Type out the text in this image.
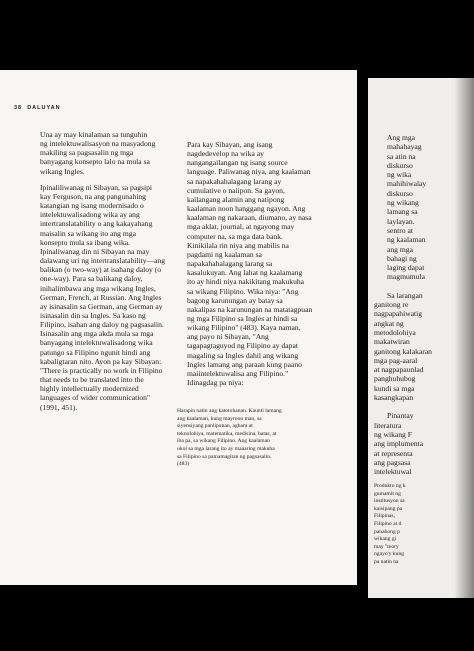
38 DALUYAN

Una ay may kinalaman sa tunguhin
ng intelektuwalisasyon na masyadong
makiling sa pagsasalin ng mga
banyagang konsepto lalo na mula sa
wikang Ingles.

Ipinaliliwanag ni Sibayan, sa pagsipi
kay Ferguson, na ang pangunahing
katangian ng isang modernisado o
intelektuwalisadong wika ay ang
intertranslatability o ang kakayahang
maisalin sa wikang ito ang mga
konsepto mula sa ibang wika.
Ipinaliwanag din ni Sibayan na may
dalawang uri ng intertranslatability—ang
balikan (o two-way) at isahang daloy (o
one-way). Para sa balikang daloy,
inihalimbawa ang mga wikang Ingles,
German, French, at Russian. Ang Ingles
ay isinasalin sa German, ang German ay
isinasalin din sa Ingles. Sa kaso ng
Filipino, isahan ang daloy ng pagsasalin.
Isinasalin ang mga akda mula sa mga
banyagang intelektuwalisadong wika
patungo sa Filipino ngunit hindi ang
kabaligtaran nito. Ayon pa kay Sibayan:
"There is practically no work in Filipino
that needs to be translated into the
highly intellectually modernized
languages of wider communication"
(1991, 451).

Para kay Sibayan, ang isang
nagdedevelop na wika ay
nangangailangan ng isang source
language. Paliwanag niya, ang kaalaman
sa napakahahalagang larang ay
cumulative o naiipon. Sa gayon,
kailangang alamin ang natipong
kaalaman noon hanggang ngayon. Ang
kaalaman ng nakaraan, diumano, ay nasa
mga aklat, journal, at ngayong may
computer na, sa mga data bank.
Kinikilala rin niya ang mabilis na
pagdami ng kaalaman sa
napakahahalagang larang sa
kasalukuyan. Ang lahat ng kaalamang
ito ay hindi niya nakikitang makukuha
sa wikang Filipino. Wika niya: "Ang
bagong karunungan ay batay sa
nakalipas na karunungan na matatagpuan
ng mga Filipino sa Ingles at hindi sa
wikang Filipino" (483). Kaya naman,
ang payo ni Sibayan, "Ang
tagapagtaguyod ng Filipino ay dapat
magaling sa Ingles dahil ang wikang
Ingles lamang ang paraan kung paano
maiintelektuwalisa ang Filipino."
Idinagdag pa niya:

Harapin natin ang katotohanan. Kaunti lamang
ang kaalaman, kung mayroon man, sa
siyensiyang panlipunan, agham at
teknolohiya, matematika, medisina, batas, at
iba pa, sa wikang Filipino. Ang kaalaman
ukol sa mga larang ito ay maaaring makuha
sa Filipino sa pamamagitan ng pagsasalin.
(483)

Ang mga
mahahayag
sa atin na
diskurso
ng wika
mahihiwalay
diskurso
ng wikang
lamang sa
laylayan.
sentro at
ng kaalaman
ang mga
bahagi ng
laging dapat
magmumula

Sa larangan
ganitong re
nagpapahiwatig
angkat ng
metodolohiya
makatwiran
ganitong kalakaran
mga pag-aaral
at nagpapaunlad
panghuhubog
kundi sa mga
kasangkapan

Pinantay
literatura
ng wikang F
ang implumenta
at representa
ang pagsasa
intelektuwal

Produkto ng k
gumamit ng
institusyon sa
kaisipang pa
Filipinas,
Filipino at d
panahong p
wikang gi
may "teory
ngayo'y kung
pa natin na
